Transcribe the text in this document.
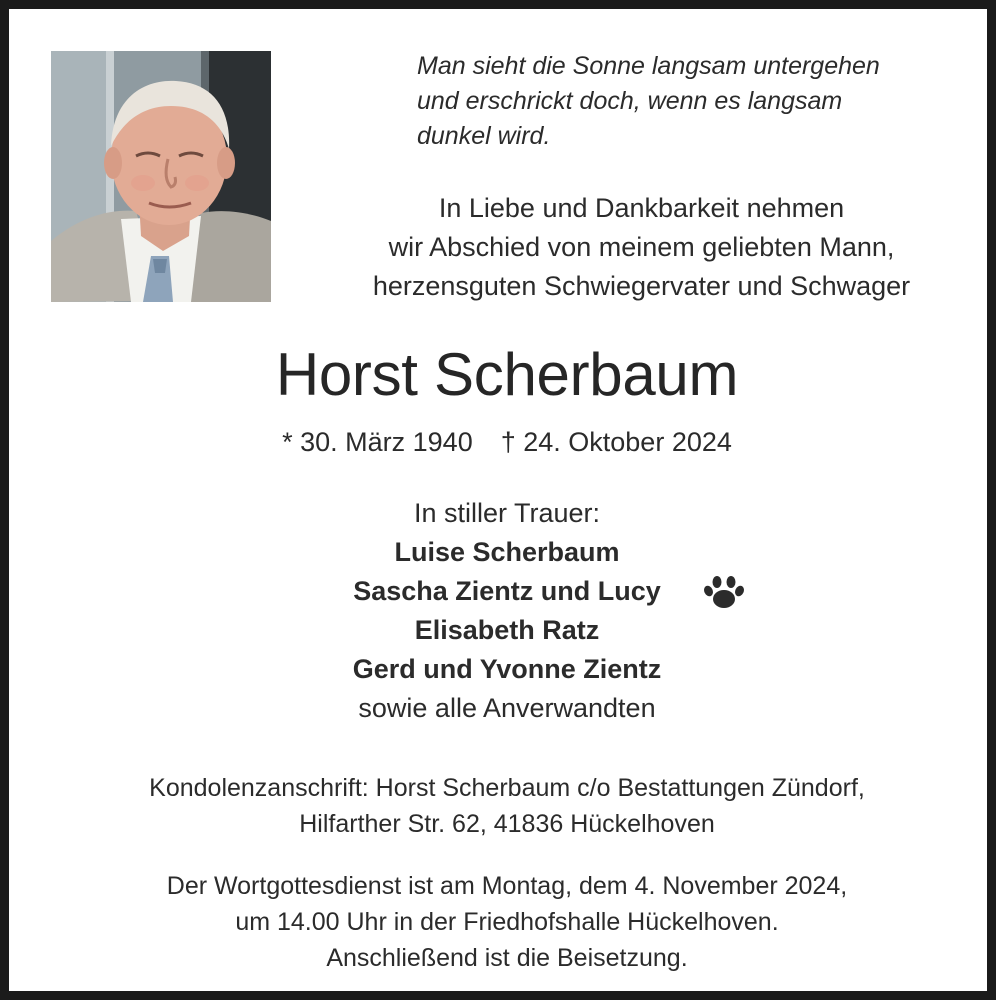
Man sieht die Sonne langsam untergehen
und erschrickt doch, wenn es langsam
dunkel wird.
In Liebe und Dankbarkeit nehmen
wir Abschied von meinem geliebten Mann,
herzensguten Schwiegervater und Schwager
Horst Scherbaum
* 30. März 1940 † 24. Oktober 2024
In stiller Trauer:
Luise Scherbaum
Sascha Zientz und Lucy
Elisabeth Ratz
Gerd und Yvonne Zientz
sowie alle Anverwandten
Kondolenzanschrift: Horst Scherbaum c/o Bestattungen Zündorf,
Hilfarther Str. 62, 41836 Hückelhoven
Der Wortgottesdienst ist am Montag, dem 4. November 2024,
um 14.00 Uhr in der Friedhofshalle Hückelhoven.
Anschließend ist die Beisetzung.
